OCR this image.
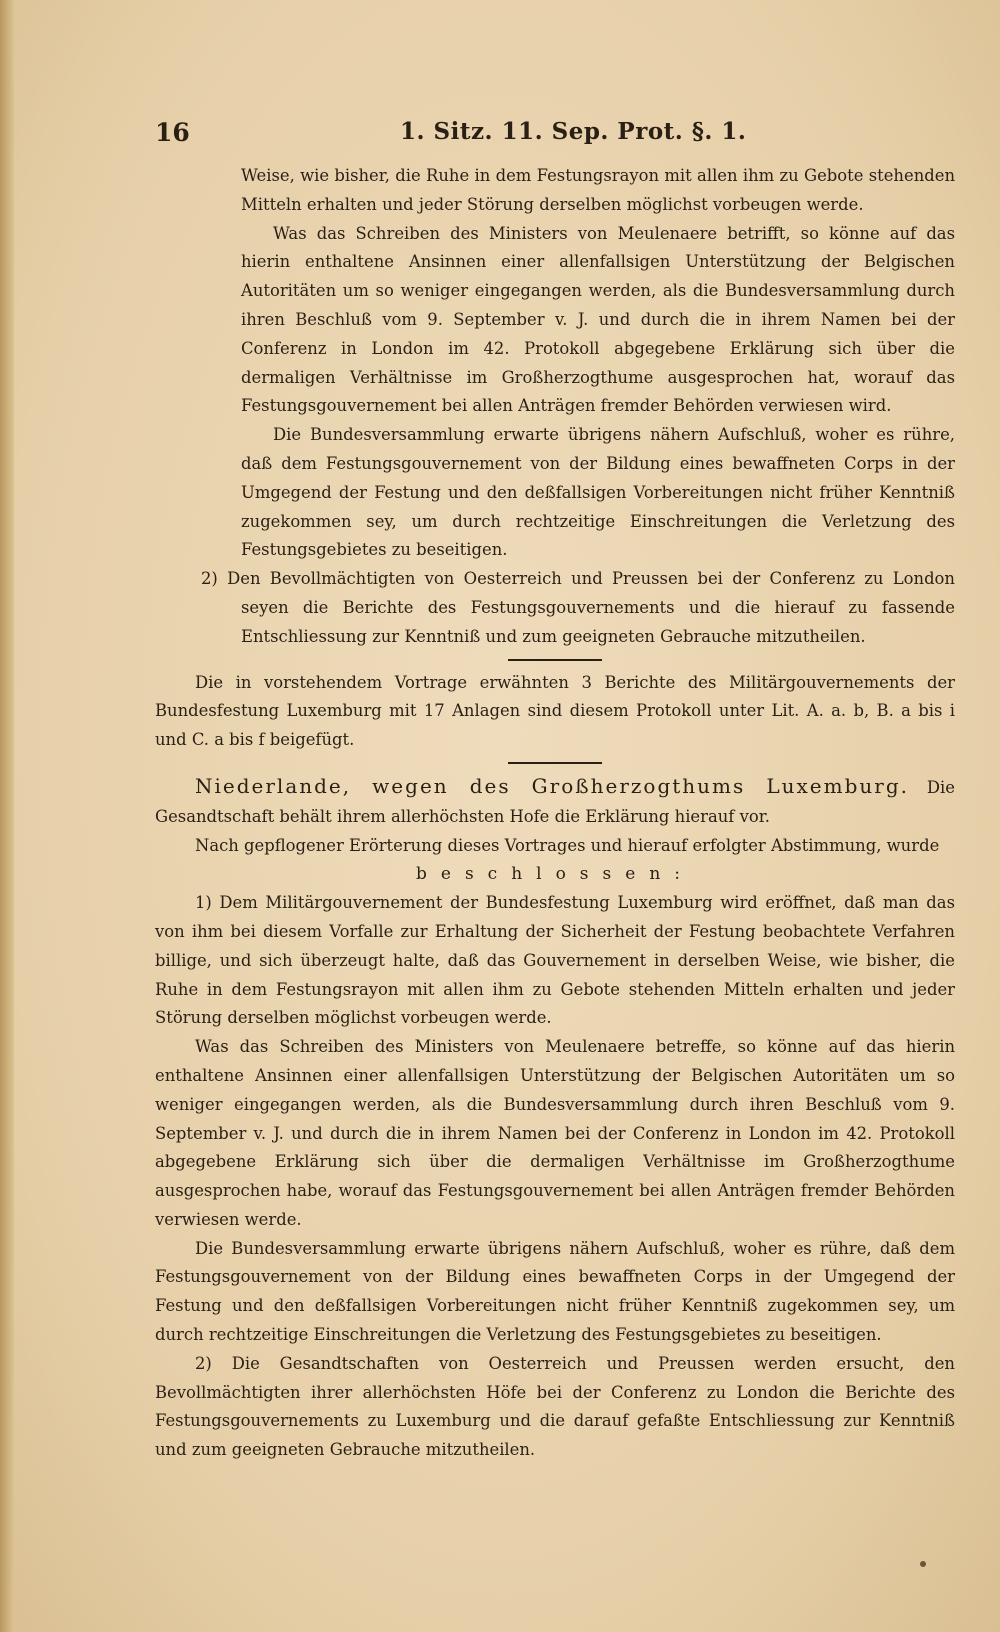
16	1. Sitz. 11. Sep. Prot. §. 1.

Weise, wie bisher, die Ruhe in dem Festungsrayon mit allen ihm zu Gebote stehenden Mitteln erhalten und jeder Störung derselben möglichst vorbeugen werde.

Was das Schreiben des Ministers von Meulenaere betrifft, so könne auf das hierin enthaltene Ansinnen einer allenfallsigen Unterstützung der Belgischen Autoritäten um so weniger eingegangen werden, als die Bundesversammlung durch ihren Beschluß vom 9. September v. J. und durch die in ihrem Namen bei der Conferenz in London im 42. Protokoll abgegebene Erklärung sich über die dermaligen Verhältnisse im Großherzogthume ausgesprochen hat, worauf das Festungsgouvernement bei allen Anträgen fremder Behörden verwiesen wird.

Die Bundesversammlung erwarte übrigens nähern Aufschluß, woher es rühre, daß dem Festungsgouvernement von der Bildung eines bewaffneten Corps in der Umgegend der Festung und den deßfallsigen Vorbereitungen nicht früher Kenntniß zugekommen sey, um durch rechtzeitige Einschreitungen die Verletzung des Festungsgebietes zu beseitigen.

2) Den Bevollmächtigten von Oesterreich und Preussen bei der Conferenz zu London seyen die Berichte des Festungsgouvernements und die hierauf zu fassende Entschliessung zur Kenntniß und zum geeigneten Gebrauche mitzutheilen.

Die in vorstehendem Vortrage erwähnten 3 Berichte des Militärgouvernements der Bundesfestung Luxemburg mit 17 Anlagen sind diesem Protokoll unter Lit. A. a. b, B. a bis i und C. a bis f beigefügt.

Niederlande, wegen des Großherzogthums Luxemburg. Die Gesandtschaft behält ihrem allerhöchsten Hofe die Erklärung hierauf vor.

Nach gepflogener Erörterung dieses Vortrages und hierauf erfolgter Abstimmung, wurde

beschlossen:

1) Dem Militärgouvernement der Bundesfestung Luxemburg wird eröffnet, daß man das von ihm bei diesem Vorfalle zur Erhaltung der Sicherheit der Festung beobachtete Verfahren billige, und sich überzeugt halte, daß das Gouvernement in derselben Weise, wie bisher, die Ruhe in dem Festungsrayon mit allen ihm zu Gebote stehenden Mitteln erhalten und jeder Störung derselben möglichst vorbeugen werde.

Was das Schreiben des Ministers von Meulenaere betreffe, so könne auf das hierin enthaltene Ansinnen einer allenfallsigen Unterstützung der Belgischen Autoritäten um so weniger eingegangen werden, als die Bundesversammlung durch ihren Beschluß vom 9. September v. J. und durch die in ihrem Namen bei der Conferenz in London im 42. Protokoll abgegebene Erklärung sich über die dermaligen Verhältnisse im Großherzogthume ausgesprochen habe, worauf das Festungsgouvernement bei allen Anträgen fremder Behörden verwiesen werde.

Die Bundesversammlung erwarte übrigens nähern Aufschluß, woher es rühre, daß dem Festungsgouvernement von der Bildung eines bewaffneten Corps in der Umgegend der Festung und den deßfallsigen Vorbereitungen nicht früher Kenntniß zugekommen sey, um durch rechtzeitige Einschreitungen die Verletzung des Festungsgebietes zu beseitigen.

2) Die Gesandtschaften von Oesterreich und Preussen werden ersucht, den Bevollmächtigten ihrer allerhöchsten Höfe bei der Conferenz zu London die Berichte des Festungsgouvernements zu Luxemburg und die darauf gefaßte Entschliessung zur Kenntniß und zum geeigneten Gebrauche mitzutheilen.
